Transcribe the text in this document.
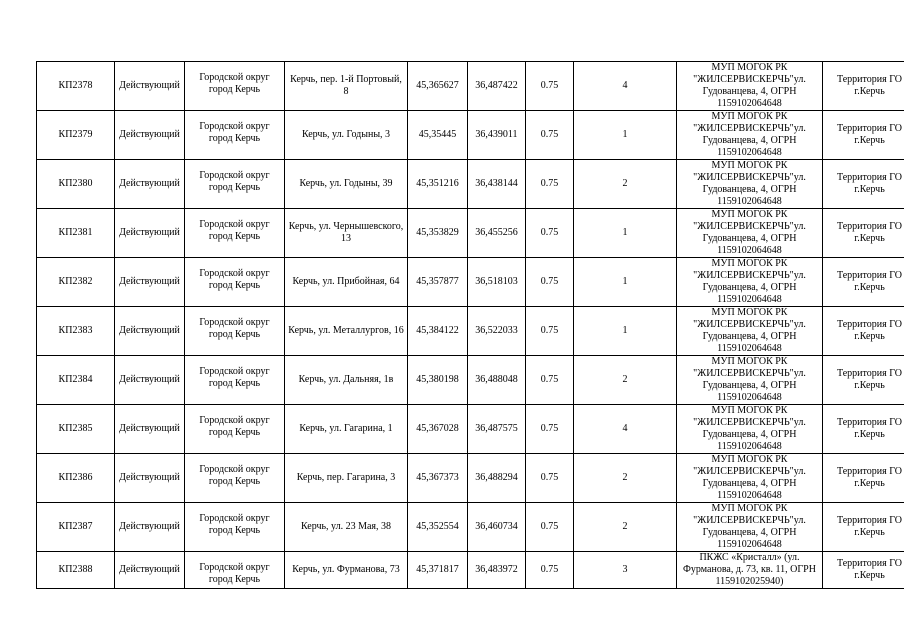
КП2378	Действующий	Городской округ город Керчь	Керчь, пер. 1-й Портовый, 8	45,365627	36,487422	0.75	4	МУП МОГОК РК "ЖИЛСЕРВИСКЕРЧЬ"ул. Гудованцева, 4, ОГРН 1159102064648	Территория ГО г.Керчь
КП2379	Действующий	Городской округ город Керчь	Керчь, ул. Годыны, 3	45,35445	36,439011	0.75	1	МУП МОГОК РК "ЖИЛСЕРВИСКЕРЧЬ"ул. Гудованцева, 4, ОГРН 1159102064648	Территория ГО г.Керчь
КП2380	Действующий	Городской округ город Керчь	Керчь, ул. Годыны, 39	45,351216	36,438144	0.75	2	МУП МОГОК РК "ЖИЛСЕРВИСКЕРЧЬ"ул. Гудованцева, 4, ОГРН 1159102064648	Территория ГО г.Керчь
КП2381	Действующий	Городской округ город Керчь	Керчь, ул. Чернышевского, 13	45,353829	36,455256	0.75	1	МУП МОГОК РК "ЖИЛСЕРВИСКЕРЧЬ"ул. Гудованцева, 4, ОГРН 1159102064648	Территория ГО г.Керчь
КП2382	Действующий	Городской округ город Керчь	Керчь, ул. Прибойная, 64	45,357877	36,518103	0.75	1	МУП МОГОК РК "ЖИЛСЕРВИСКЕРЧЬ"ул. Гудованцева, 4, ОГРН 1159102064648	Территория ГО г.Керчь
КП2383	Действующий	Городской округ город Керчь	Керчь, ул. Металлургов, 16	45,384122	36,522033	0.75	1	МУП МОГОК РК "ЖИЛСЕРВИСКЕРЧЬ"ул. Гудованцева, 4, ОГРН 1159102064648	Территория ГО г.Керчь
КП2384	Действующий	Городской округ город Керчь	Керчь, ул. Дальняя, 1в	45,380198	36,488048	0.75	2	МУП МОГОК РК "ЖИЛСЕРВИСКЕРЧЬ"ул. Гудованцева, 4, ОГРН 1159102064648	Территория ГО г.Керчь
КП2385	Действующий	Городской округ город Керчь	Керчь, ул. Гагарина, 1	45,367028	36,487575	0.75	4	МУП МОГОК РК "ЖИЛСЕРВИСКЕРЧЬ"ул. Гудованцева, 4, ОГРН 1159102064648	Территория ГО г.Керчь
КП2386	Действующий	Городской округ город Керчь	Керчь, пер. Гагарина, 3	45,367373	36,488294	0.75	2	МУП МОГОК РК "ЖИЛСЕРВИСКЕРЧЬ"ул. Гудованцева, 4, ОГРН 1159102064648	Территория ГО г.Керчь
КП2387	Действующий	Городской округ город Керчь	Керчь, ул. 23 Мая, 38	45,352554	36,460734	0.75	2	МУП МОГОК РК "ЖИЛСЕРВИСКЕРЧЬ"ул. Гудованцева, 4, ОГРН 1159102064648	Территория ГО г.Керчь
КП2388	Действующий	Городской округ город Керчь	Керчь, ул. Фурманова, 73	45,371817	36,483972	0.75	3	ПКЖС «Кристалл» (ул. Фурманова, д. 73, кв. 11, ОГРН 1159102025940)	Территория ГО г.Керчь
